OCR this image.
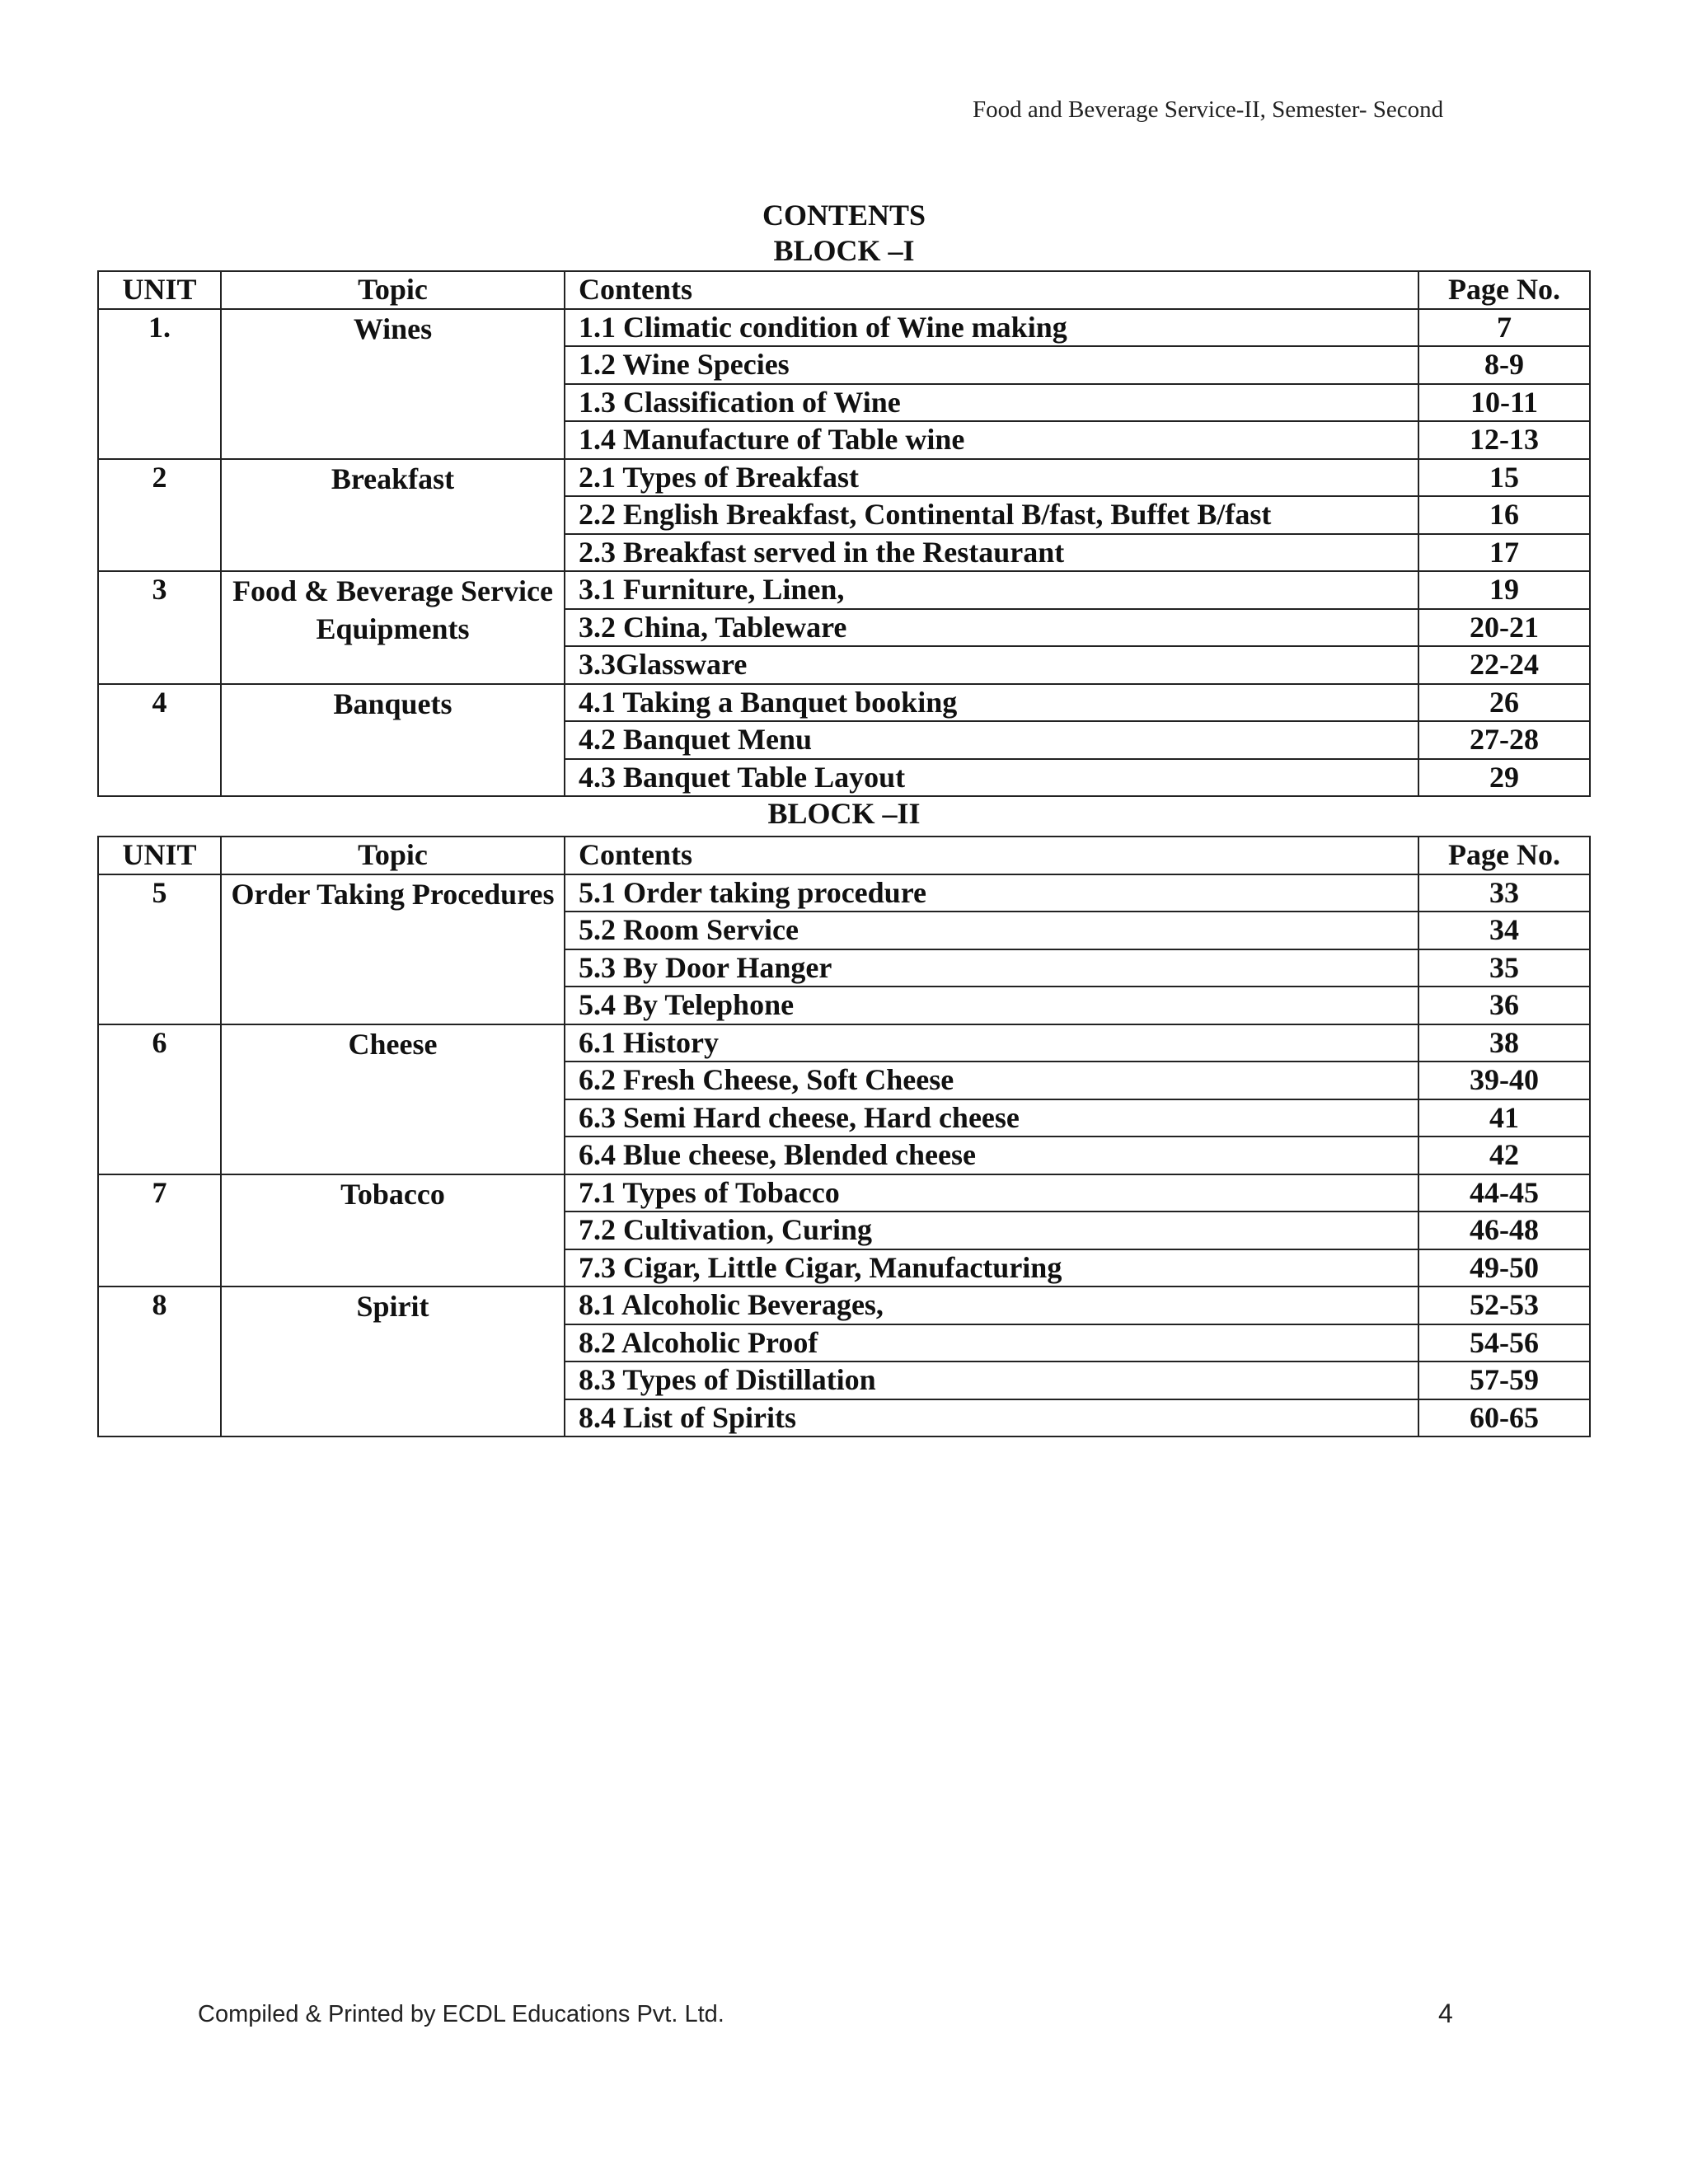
Food and Beverage Service-II, Semester- Second
CONTENTS
BLOCK –I
UNIT	Topic	Contents	Page No.
1.	Wines	1.1 Climatic condition of Wine making	7
		1.2 Wine Species	8-9
		1.3 Classification of Wine	10-11
		1.4 Manufacture of Table wine	12-13
2	Breakfast	2.1 Types of Breakfast	15
		2.2 English Breakfast, Continental B/fast, Buffet B/fast	16
		2.3 Breakfast served in the Restaurant	17
3	Food & Beverage Service Equipments	3.1 Furniture, Linen,	19
		3.2 China, Tableware	20-21
		3.3Glassware	22-24
4	Banquets	4.1 Taking a Banquet booking	26
		4.2 Banquet Menu	27-28
		4.3 Banquet Table Layout	29
BLOCK –II
UNIT	Topic	Contents	Page No.
5	Order Taking Procedures	5.1 Order taking procedure	33
		5.2 Room Service	34
		5.3 By Door Hanger	35
		5.4 By Telephone	36
6	Cheese	6.1 History	38
		6.2 Fresh Cheese, Soft Cheese	39-40
		6.3 Semi Hard cheese, Hard cheese	41
		6.4 Blue cheese, Blended cheese	42
7	Tobacco	7.1 Types of Tobacco	44-45
		7.2 Cultivation, Curing	46-48
		7.3 Cigar, Little Cigar, Manufacturing	49-50
8	Spirit	8.1 Alcoholic Beverages,	52-53
		8.2 Alcoholic Proof	54-56
		8.3 Types of Distillation	57-59
		8.4 List of Spirits	60-65
Compiled & Printed by ECDL Educations Pvt. Ltd.	4
